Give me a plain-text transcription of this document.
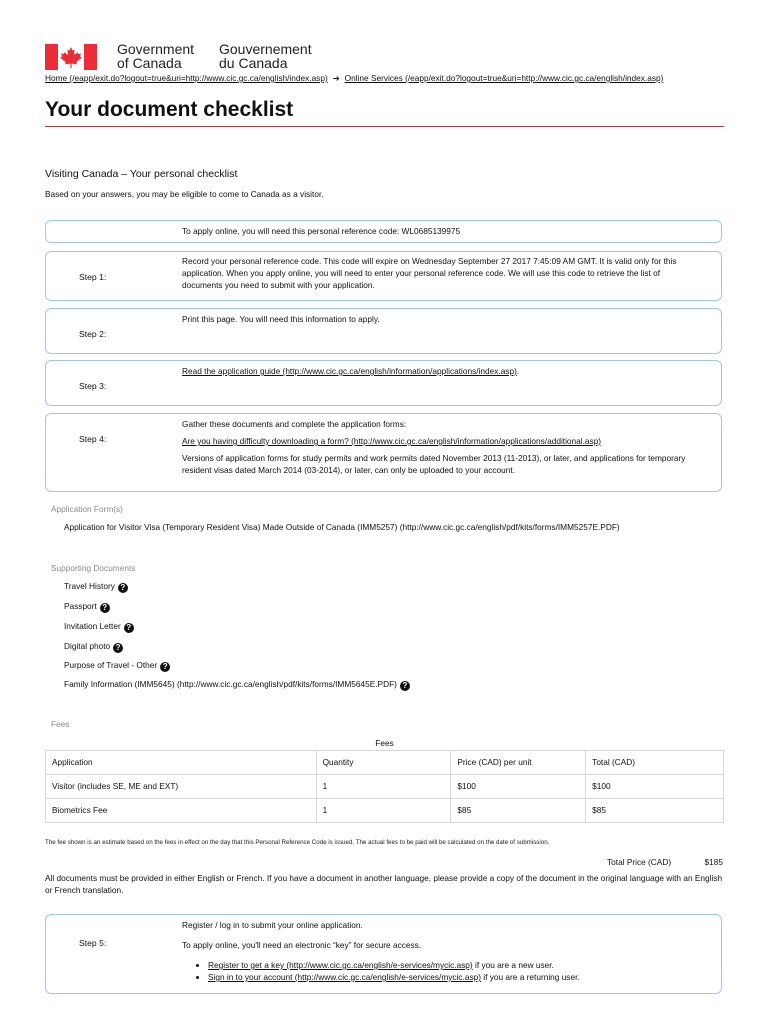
Government
of Canada
Gouvernement
du Canada
Home (/eapp/exit.do?logout=true&uri=http://www.cic.gc.ca/english/index.asp) ➔ Online Services (/eapp/exit.do?logout=true&uri=http://www.cic.gc.ca/english/index.asp)
Your document checklist
Visiting Canada – Your personal checklist
Based on your answers, you may be eligible to come to Canada as a visitor.
To apply online, you will need this personal reference code: WL0685139975
Step 1:
Record your personal reference code. This code will expire on Wednesday September 27 2017 7:45:09 AM GMT. It is valid only for this application. When you apply online, you will need to enter your personal reference code. We will use this code to retrieve the list of documents you need to submit with your application.
Step 2:
Print this page. You will need this information to apply.
Step 3:
Read the application guide (http://www.cic.gc.ca/english/information/applications/index.asp).
Step 4:

Gather these documents and complete the application forms:

Are you having difficulty downloading a form? (http://www.cic.gc.ca/english/information/applications/additional.asp)

Versions of application forms for study permits and work permits dated November 2013 (11-2013), or later, and applications for temporary resident visas dated March 2014 (03-2014), or later, can only be uploaded to your account.

Application Form(s)
Application for Visitor Visa (Temporary Resident Visa) Made Outside of Canada (IMM5257) (http://www.cic.gc.ca/english/pdf/kits/forms/IMM5257E.PDF)
Supporting Documents
Travel History ?
Passport ?
Invitation Letter ?
Digital photo ?
Purpose of Travel - Other ?
Family Information (IMM5645) (http://www.cic.gc.ca/english/pdf/kits/forms/IMM5645E.PDF) ?
Fees
Fees			
Application	Quantity	Price (CAD) per unit	Total (CAD)
Visitor (includes SE, ME and EXT)	1	$100	$100
Biometrics Fee	1	$85	$85
The fee shown is an estimate based on the fees in effect on the day that this Personal Reference Code is issued. The actual fees to be paid will be calculated on the date of submission.
Total Price (CAD)	$185
All documents must be provided in either English or French. If you have a document in another language, please provide a copy of the document in the original language with an English or French translation.
Step 5:

Register / log in to submit your online application.

To apply online, you'll need an electronic “key” for secure access.

• Register to get a key (http://www.cic.gc.ca/english/e-services/mycic.asp) if you are a new user.
• Sign in to your account (http://www.cic.gc.ca/english/e-services/mycic.asp) if you are a returning user.
